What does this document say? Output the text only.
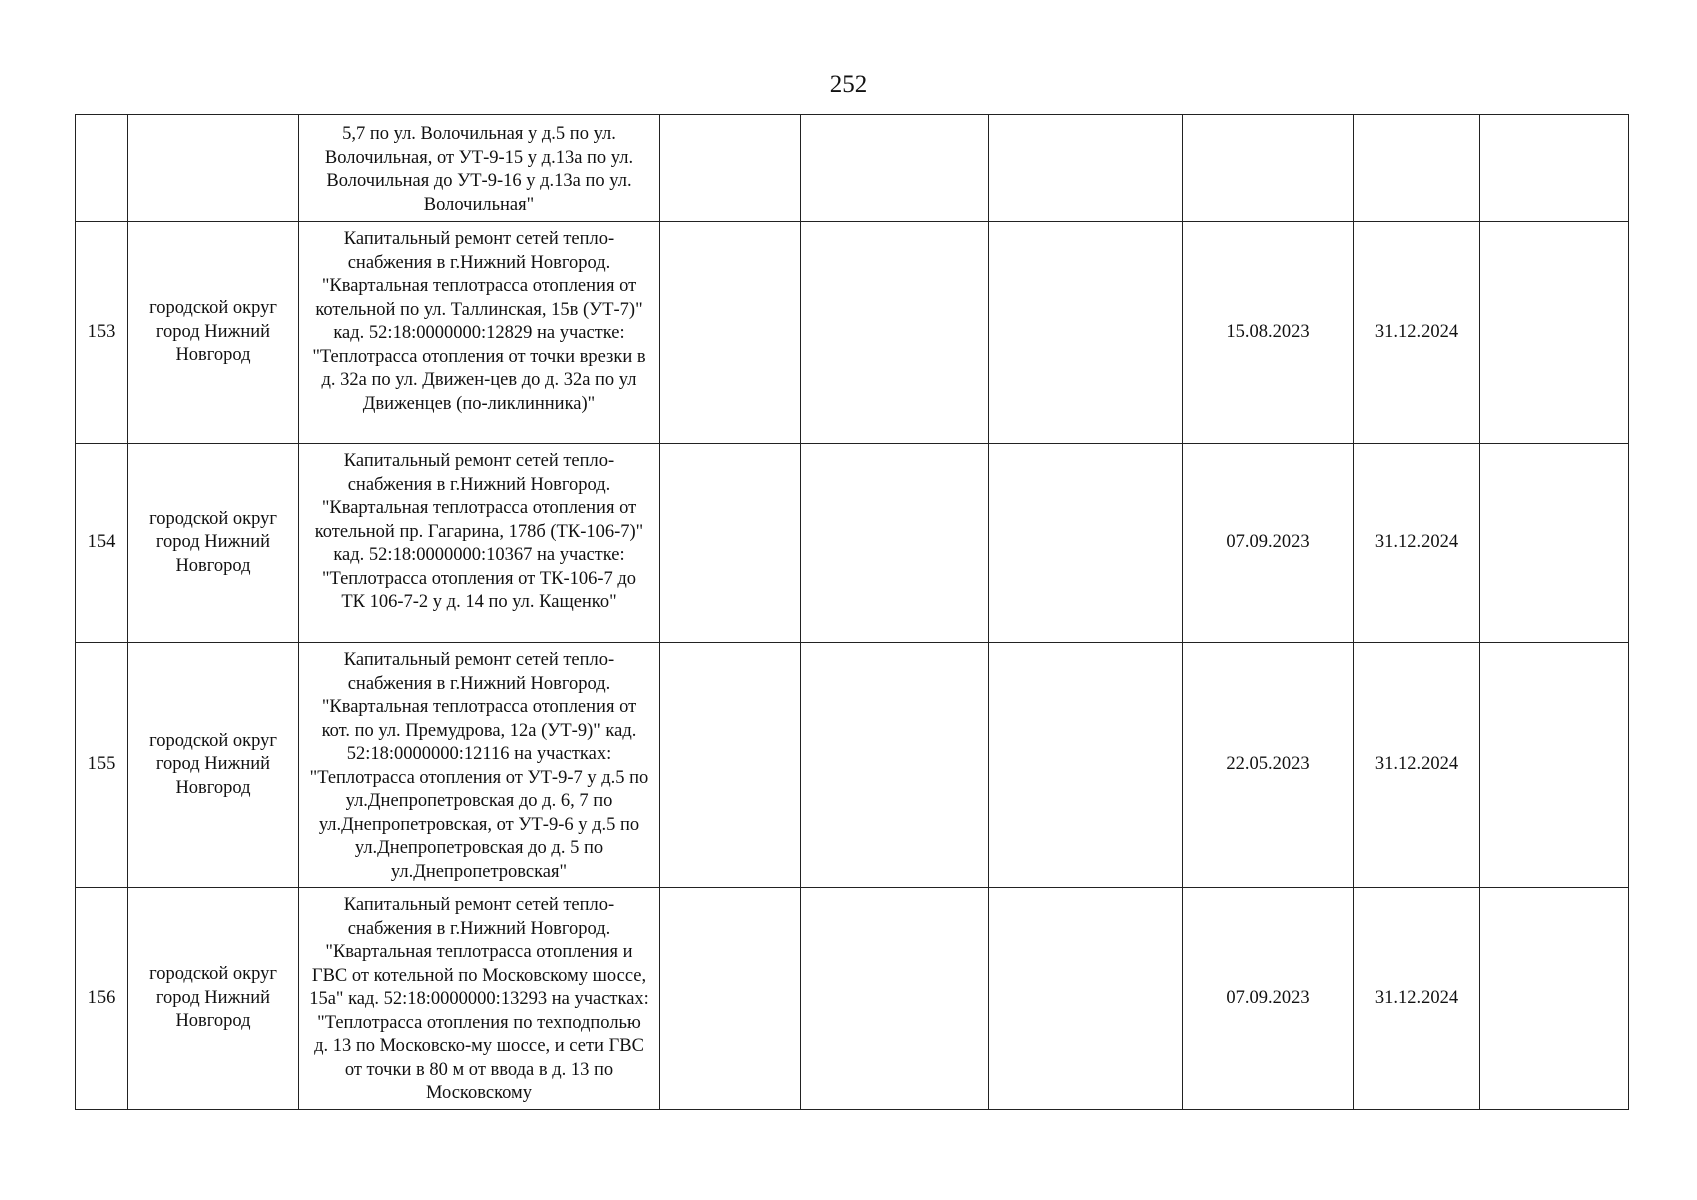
252
		5,7 по ул. Волочильная у д.5 по ул. Волочильная, от УТ-9-15 у д.13а по ул. Волочильная до УТ-9-16 у д.13а по ул. Волочильная"						
153	городской округ город Нижний Новгород	Капитальный ремонт сетей тепло-снабжения в г.Нижний Новгород. "Квартальная теплотрасса отопления от котельной по ул. Таллинская, 15в (УТ-7)" кад. 52:18:0000000:12829 на участке: "Теплотрасса отопления от точки врезки в д. 32а по ул. Движен-цев до д. 32а по ул Движенцев (по-ликлинника)"				15.08.2023	31.12.2024	
154	городской округ город Нижний Новгород	Капитальный ремонт сетей тепло-снабжения в г.Нижний Новгород. "Квартальная теплотрасса отопления от котельной пр. Гагарина, 178б (ТК-106-7)" кад. 52:18:0000000:10367 на участке: "Теплотрасса отопления от ТК-106-7 до ТК 106-7-2 у д. 14 по ул. Кащенко"				07.09.2023	31.12.2024	
155	городской округ город Нижний Новгород	Капитальный ремонт сетей тепло-снабжения в г.Нижний Новгород. "Квартальная теплотрасса отопления от кот. по ул. Премудрова, 12а (УТ-9)" кад. 52:18:0000000:12116 на участках: "Теплотрасса отопления от УТ-9-7 у д.5 по ул.Днепропетровская до д. 6, 7 по ул.Днепропетровская, от УТ-9-6 у д.5 по ул.Днепропетровская до д. 5 по ул.Днепропетровская"				22.05.2023	31.12.2024	
156	городской округ город Нижний Новгород	Капитальный ремонт сетей тепло-снабжения в г.Нижний Новгород. "Квартальная теплотрасса отопления и ГВС от котельной по Московскому шоссе, 15а" кад. 52:18:0000000:13293 на участках: "Теплотрасса отопления по техподполью д. 13 по Московско-му шоссе, и сети ГВС от точки в 80 м от ввода в д. 13 по Московскому				07.09.2023	31.12.2024	
